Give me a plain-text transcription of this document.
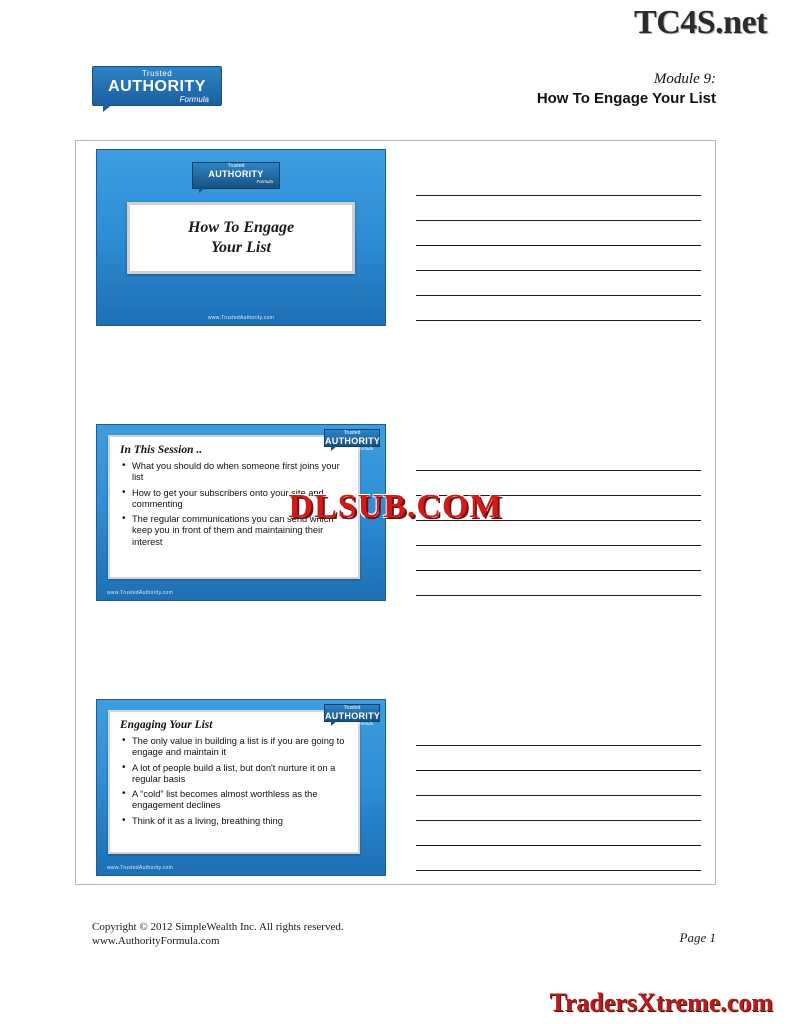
TC4S.net
Trusted
AUTHORITY
Formula
Module 9:
How To Engage Your List
Trusted
AUTHORITY
Formula
How To Engage
Your List
www.TrustedAuthority.com
In This Session ..
• What you should do when someone first joins your list
• How to get your subscribers onto your site and commenting
• The regular communications you can send which keep you in front of them and maintaining their interest
Trusted
AUTHORITY
Formula
www.TrustedAuthority.com
Engaging Your List
• The only value in building a list is if you are going to engage and maintain it
• A lot of people build a list, but don't nurture it on a regular basis
• A “cold” list becomes almost worthless as the engagement declines
• Think of it as a living, breathing thing
Trusted
AUTHORITY
Formula
www.TrustedAuthority.com
DLSUB.COM
Copyright © 2012 SimpleWealth Inc. All rights reserved.
www.AuthorityFormula.com	Page 1
TradersXtreme.com
